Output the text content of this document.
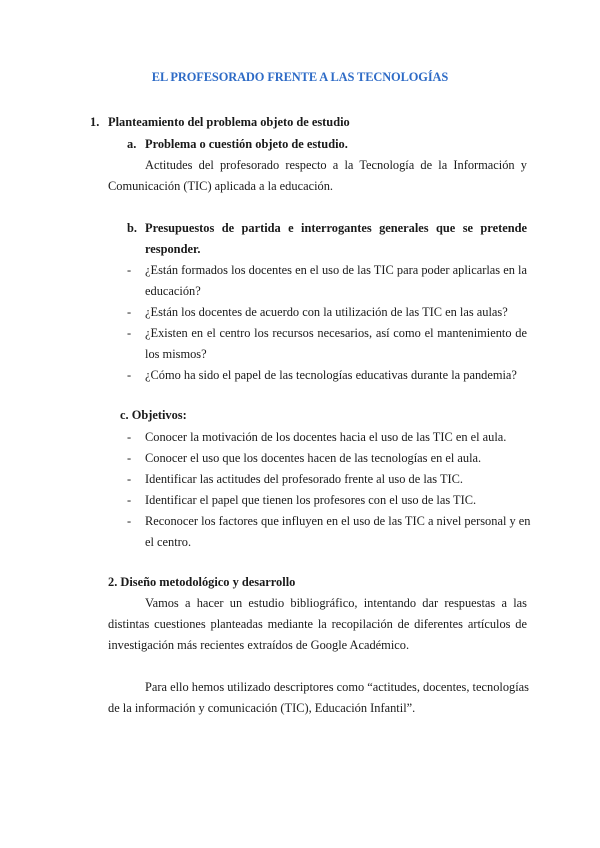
EL PROFESORADO FRENTE A LAS TECNOLOGÍAS
1. Planteamiento del problema objeto de estudio
a. Problema o cuestión objeto de estudio.
Actitudes del profesorado respecto a la Tecnología de la Información y
Comunicación (TIC) aplicada a la educación.
b. Presupuestos de partida e interrogantes generales que se pretende
responder.
- ¿Están formados los docentes en el uso de las TIC para poder aplicarlas en la
educación?
- ¿Están los docentes de acuerdo con la utilización de las TIC en las aulas?
- ¿Existen en el centro los recursos necesarios, así como el mantenimiento de
los mismos?
- ¿Cómo ha sido el papel de las tecnologías educativas durante la pandemia?
c. Objetivos:
- Conocer la motivación de los docentes hacia el uso de las TIC en el aula.
- Conocer el uso que los docentes hacen de las tecnologías en el aula.
- Identificar las actitudes del profesorado frente al uso de las TIC.
- Identificar el papel que tienen los profesores con el uso de las TIC.
- Reconocer los factores que influyen en el uso de las TIC a nivel personal y en
el centro.
2. Diseño metodológico y desarrollo
Vamos a hacer un estudio bibliográfico, intentando dar respuestas a las
distintas cuestiones planteadas mediante la recopilación de diferentes artículos de
investigación más recientes extraídos de Google Académico.
Para ello hemos utilizado descriptores como “actitudes, docentes, tecnologías
de la información y comunicación (TIC), Educación Infantil”.
